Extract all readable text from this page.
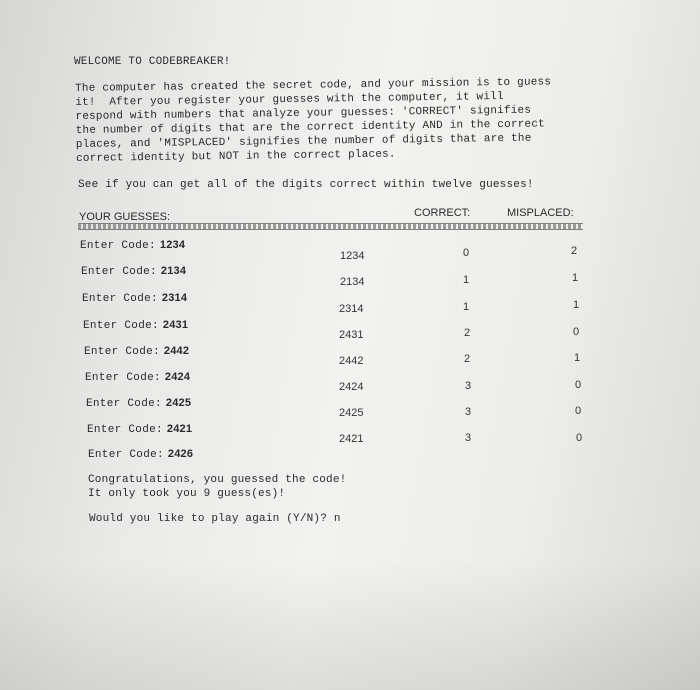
WELCOME TO CODEBREAKER!
The computer has created the secret code, and your mission is to guess
it!  After you register your guesses with the computer, it will
respond with numbers that analyze your guesses: 'CORRECT' signifies
the number of digits that are the correct identity AND in the correct
places, and 'MISPLACED' signifies the number of digits that are the
correct identity but NOT in the correct places.
See if you can get all of the digits correct within twelve guesses!
YOUR GUESSES:	CORRECT:	MISPLACED:
Enter Code: 1234
Enter Code: 2134
Enter Code: 2314
Enter Code: 2431
Enter Code: 2442
Enter Code: 2424
Enter Code: 2425
Enter Code: 2421
Enter Code: 2426
1234	0	2
2134	1	1
2314	1	1
2431	2	0
2442	2	1
2424	3	0
2425	3	0
2421	3	0
Congratulations, you guessed the code!
It only took you 9 guess(es)!
Would you like to play again (Y/N)? n
